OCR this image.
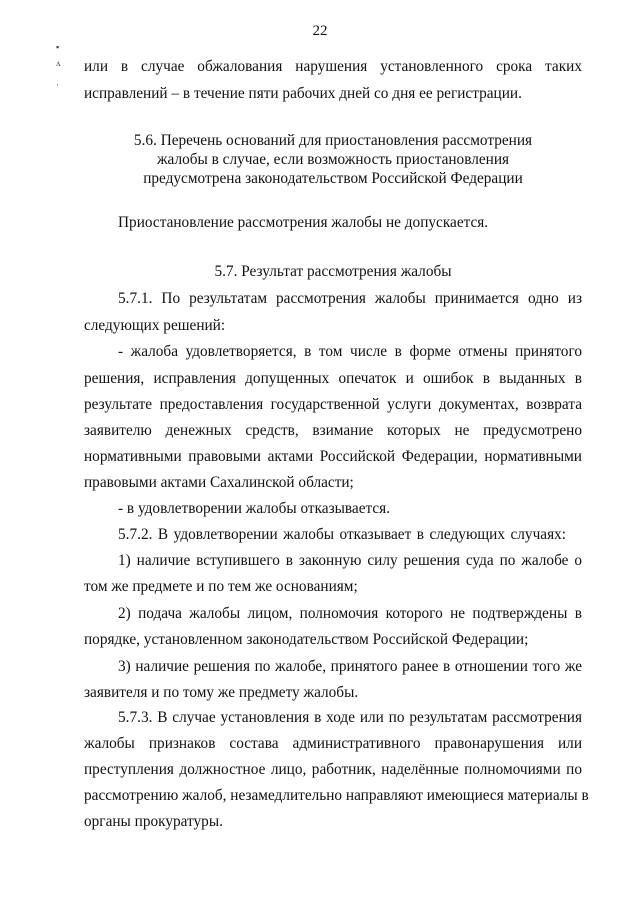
22
▪
ʌ
·
или в случае обжалования нарушения установленного срока таких
исправлений – в течение пяти рабочих дней со дня ее регистрации.
5.6. Перечень оснований для приостановления рассмотрения
жалобы в случае, если возможность приостановления
предусмотрена законодательством Российской Федерации
Приостановление рассмотрения жалобы не допускается.
5.7. Результат рассмотрения жалобы
5.7.1. По результатам рассмотрения жалобы принимается одно из
следующих решений:
- жалоба удовлетворяется, в том числе в форме отмены принятого
решения, исправления допущенных опечаток и ошибок в выданных в
результате предоставления государственной услуги документах, возврата
заявителю денежных средств, взимание которых не предусмотрено
нормативными правовыми актами Российской Федерации, нормативными
правовыми актами Сахалинской области;
- в удовлетворении жалобы отказывается.
5.7.2. В удовлетворении жалобы отказывает в следующих случаях:
1) наличие вступившего в законную силу решения суда по жалобе о
том же предмете и по тем же основаниям;
2) подача жалобы лицом, полномочия которого не подтверждены в
порядке, установленном законодательством Российской Федерации;
3) наличие решения по жалобе, принятого ранее в отношении того же
заявителя и по тому же предмету жалобы.
5.7.3. В случае установления в ходе или по результатам рассмотрения
жалобы признаков состава административного правонарушения или
преступления должностное лицо, работник, наделённые полномочиями по
рассмотрению жалоб, незамедлительно направляют имеющиеся материалы в
органы прокуратуры.
